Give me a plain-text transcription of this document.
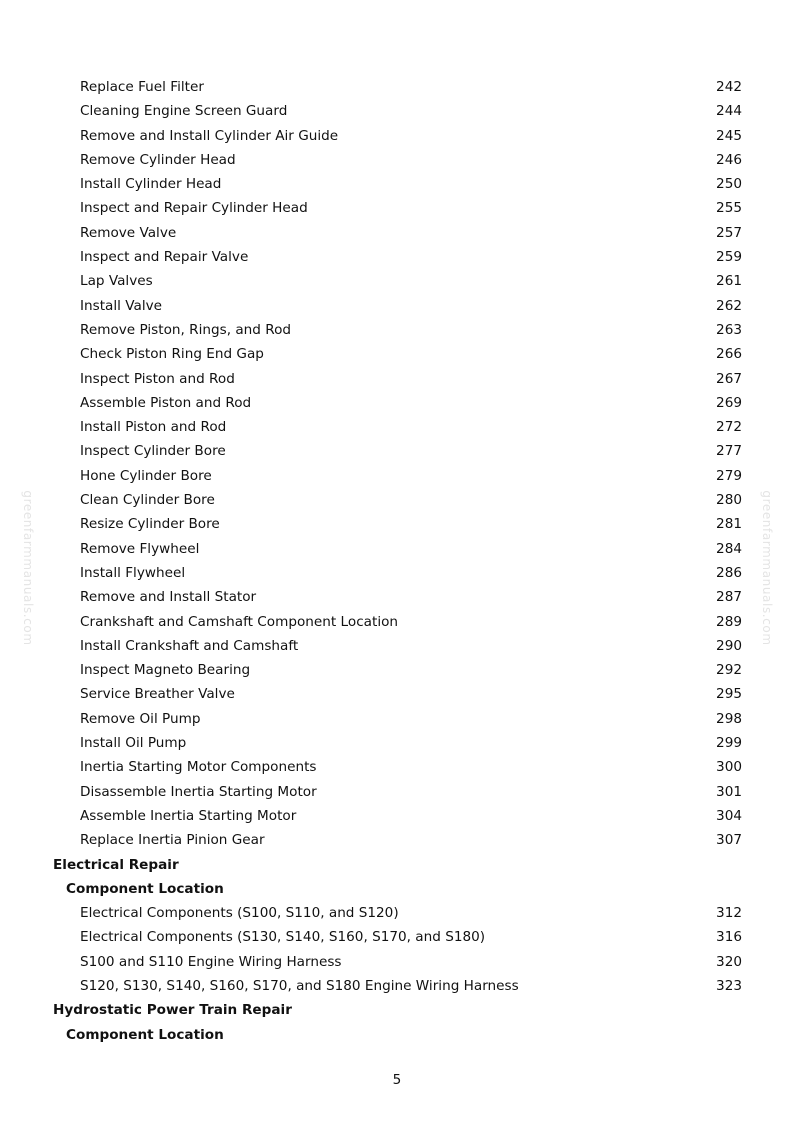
Replace Fuel Filter	242
Cleaning Engine Screen Guard	244
Remove and Install Cylinder Air Guide	245
Remove Cylinder Head	246
Install Cylinder Head	250
Inspect and Repair Cylinder Head	255
Remove Valve	257
Inspect and Repair Valve	259
Lap Valves	261
Install Valve	262
Remove Piston, Rings, and Rod	263
Check Piston Ring End Gap	266
Inspect Piston and Rod	267
Assemble Piston and Rod	269
Install Piston and Rod	272
Inspect Cylinder Bore	277
Hone Cylinder Bore	279
Clean Cylinder Bore	280
Resize Cylinder Bore	281
Remove Flywheel	284
Install Flywheel	286
Remove and Install Stator	287
Crankshaft and Camshaft Component Location	289
Install Crankshaft and Camshaft	290
Inspect Magneto Bearing	292
Service Breather Valve	295
Remove Oil Pump	298
Install Oil Pump	299
Inertia Starting Motor Components	300
Disassemble Inertia Starting Motor	301
Assemble Inertia Starting Motor	304
Replace Inertia Pinion Gear	307
Electrical Repair
Component Location
Electrical Components (S100, S110, and S120)	312
Electrical Components (S130, S140, S160, S170, and S180)	316
S100 and S110 Engine Wiring Harness	320
S120, S130, S140, S160, S170, and S180 Engine Wiring Harness	323
Hydrostatic Power Train Repair
Component Location
greenfarmmanuals.com	greenfarmmanuals.com
5
